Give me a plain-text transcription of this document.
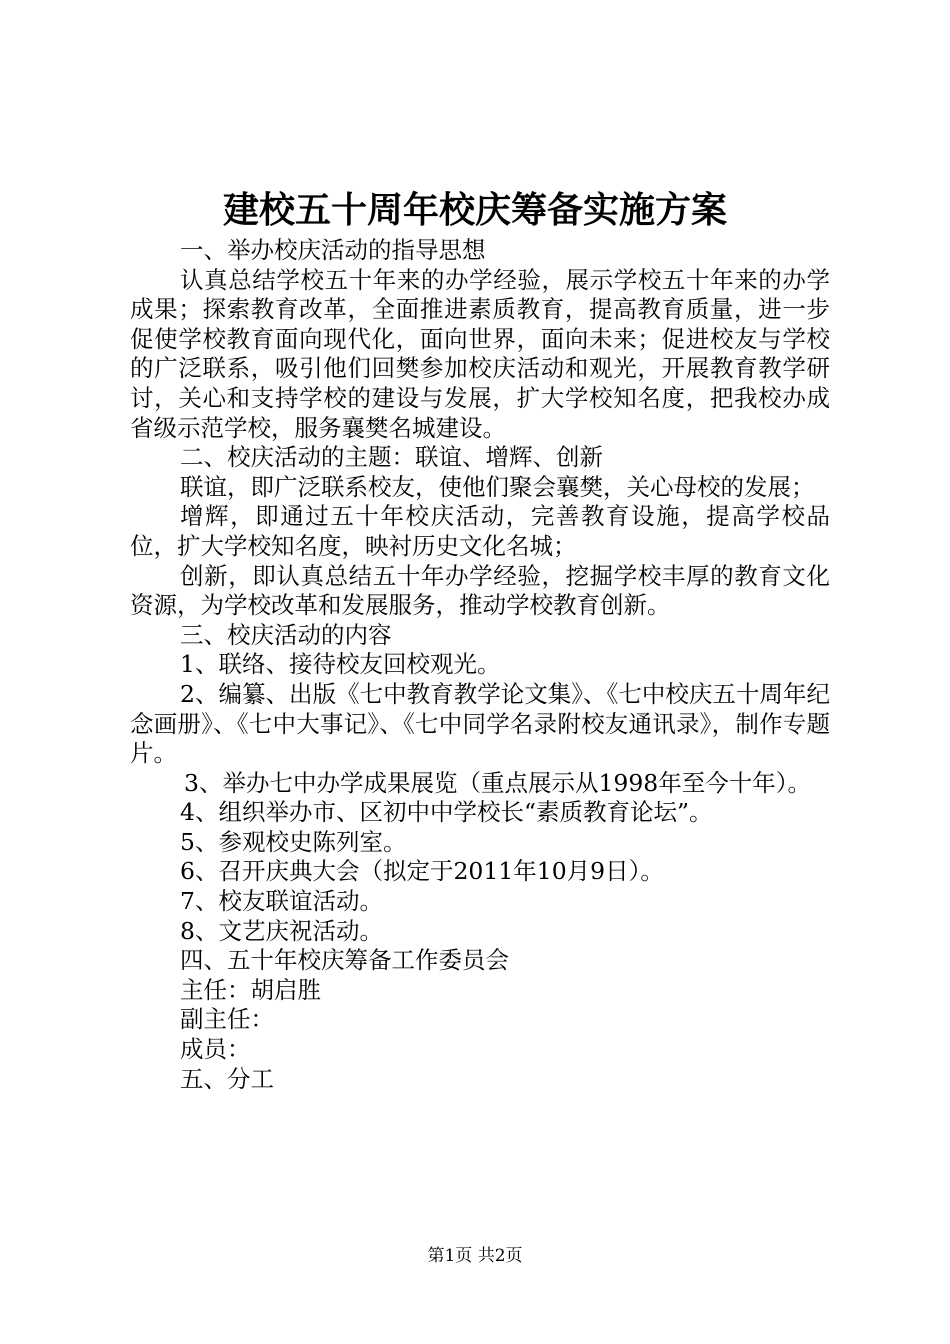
建校五十周年校庆筹备实施方案

一、举办校庆活动的指导思想

认真总结学校五十年来的办学经验，展示学校五十年来的办学成果；探索教育改革，全面推进素质教育，提高教育质量，进一步促使学校教育面向现代化，面向世界，面向未来；促进校友与学校的广泛联系，吸引他们回樊参加校庆活动和观光，开展教育教学研讨，关心和支持学校的建设与发展，扩大学校知名度，把我校办成省级示范学校，服务襄樊名城建设。

二、校庆活动的主题：联谊、增辉、创新

联谊，即广泛联系校友，使他们聚会襄樊，关心母校的发展；

增辉，即通过五十年校庆活动，完善教育设施，提高学校品位，扩大学校知名度，映衬历史文化名城；

创新，即认真总结五十年办学经验，挖掘学校丰厚的教育文化资源，为学校改革和发展服务，推动学校教育创新。

三、校庆活动的内容

1、联络、接待校友回校观光。

2、编纂、出版《七中教育教学论文集》、《七中校庆五十周年纪念画册》、《七中大事记》、《七中同学名录附校友通讯录》，制作专题片。

3、举办七中办学成果展览（重点展示从1998年至今十年）。

4、组织举办市、区初中中学校长“素质教育论坛”。

5、参观校史陈列室。

6、召开庆典大会（拟定于2011年10月9日）。

7、校友联谊活动。

8、文艺庆祝活动。

四、五十年校庆筹备工作委员会

主任：胡启胜

副主任：

成员：

五、分工

第1页 共2页
